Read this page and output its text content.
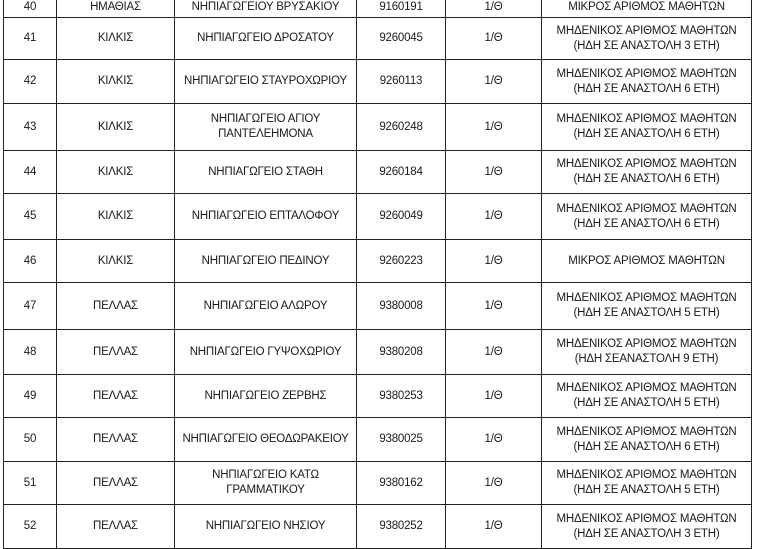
40	ΗΜΑΘΙΑΣ	ΝΗΠΙΑΓΩΓΕΙΟΥ ΒΡΥΣΑΚΙΟΥ	9160191	1/Θ	ΜΙΚΡΟΣ ΑΡΙΘΜΟΣ ΜΑΘΗΤΩΝ
41	ΚΙΛΚΙΣ	ΝΗΠΙΑΓΩΓΕΙΟ ΔΡΟΣΑΤΟΥ	9260045	1/Θ	ΜΗΔΕΝΙΚΟΣ ΑΡΙΘΜΟΣ ΜΑΘΗΤΩΝ
(ΗΔΗ ΣΕ ΑΝΑΣΤΟΛΗ 3 ΕΤΗ)
42	ΚΙΛΚΙΣ	ΝΗΠΙΑΓΩΓΕΙΟ ΣΤΑΥΡΟΧΩΡΙΟΥ	9260113	1/Θ	ΜΗΔΕΝΙΚΟΣ ΑΡΙΘΜΟΣ ΜΑΘΗΤΩΝ
(ΗΔΗ ΣΕ ΑΝΑΣΤΟΛΗ 6 ΕΤΗ)
43	ΚΙΛΚΙΣ	ΝΗΠΙΑΓΩΓΕΙΟ ΑΓΙΟΥ
ΠΑΝΤΕΛΕΗΜΟΝΑ	9260248	1/Θ	ΜΗΔΕΝΙΚΟΣ ΑΡΙΘΜΟΣ ΜΑΘΗΤΩΝ
(ΗΔΗ ΣΕ ΑΝΑΣΤΟΛΗ 6 ΕΤΗ)
44	ΚΙΛΚΙΣ	ΝΗΠΙΑΓΩΓΕΙΟ ΣΤΑΘΗ	9260184	1/Θ	ΜΗΔΕΝΙΚΟΣ ΑΡΙΘΜΟΣ ΜΑΘΗΤΩΝ
(ΗΔΗ ΣΕ ΑΝΑΣΤΟΛΗ 6 ΕΤΗ)
45	ΚΙΛΚΙΣ	ΝΗΠΙΑΓΩΓΕΙΟ ΕΠΤΑΛΟΦΟΥ	9260049	1/Θ	ΜΗΔΕΝΙΚΟΣ ΑΡΙΘΜΟΣ ΜΑΘΗΤΩΝ
(ΗΔΗ ΣΕ ΑΝΑΣΤΟΛΗ 6 ΕΤΗ)
46	ΚΙΛΚΙΣ	ΝΗΠΙΑΓΩΓΕΙΟ ΠΕΔΙΝΟΥ	9260223	1/Θ	ΜΙΚΡΟΣ ΑΡΙΘΜΟΣ ΜΑΘΗΤΩΝ
47	ΠΕΛΛΑΣ	ΝΗΠΙΑΓΩΓΕΙΟ ΑΛΩΡΟΥ	9380008	1/Θ	ΜΗΔΕΝΙΚΟΣ ΑΡΙΘΜΟΣ ΜΑΘΗΤΩΝ
(ΗΔΗ ΣΕ ΑΝΑΣΤΟΛΗ 5 ΕΤΗ)
48	ΠΕΛΛΑΣ	ΝΗΠΙΑΓΩΓΕΙΟ ΓΥΨΟΧΩΡΙΟΥ	9380208	1/Θ	ΜΗΔΕΝΙΚΟΣ ΑΡΙΘΜΟΣ ΜΑΘΗΤΩΝ
(ΗΔΗ ΣΕΑΝΑΣΤΟΛΗ 9 ΕΤΗ)
49	ΠΕΛΛΑΣ	ΝΗΠΙΑΓΩΓΕΙΟ ΖΕΡΒΗΣ	9380253	1/Θ	ΜΗΔΕΝΙΚΟΣ ΑΡΙΘΜΟΣ ΜΑΘΗΤΩΝ
(ΗΔΗ ΣΕ ΑΝΑΣΤΟΛΗ 5 ΕΤΗ)
50	ΠΕΛΛΑΣ	ΝΗΠΙΑΓΩΓΕΙΟ ΘΕΟΔΩΡΑΚΕΙΟΥ	9380025	1/Θ	ΜΗΔΕΝΙΚΟΣ ΑΡΙΘΜΟΣ ΜΑΘΗΤΩΝ
(ΗΔΗ ΣΕ ΑΝΑΣΤΟΛΗ 6 ΕΤΗ)
51	ΠΕΛΛΑΣ	ΝΗΠΙΑΓΩΓΕΙΟ ΚΑΤΩ ΓΡΑΜΜΑΤΙΚΟΥ	9380162	1/Θ	ΜΗΔΕΝΙΚΟΣ ΑΡΙΘΜΟΣ ΜΑΘΗΤΩΝ
(ΗΔΗ ΣΕ ΑΝΑΣΤΟΛΗ 5 ΕΤΗ)
52	ΠΕΛΛΑΣ	ΝΗΠΙΑΓΩΓΕΙΟ ΝΗΣΙΟΥ	9380252	1/Θ	ΜΗΔΕΝΙΚΟΣ ΑΡΙΘΜΟΣ ΜΑΘΗΤΩΝ
(ΗΔΗ ΣΕ ΑΝΑΣΤΟΛΗ 3 ΕΤΗ)
